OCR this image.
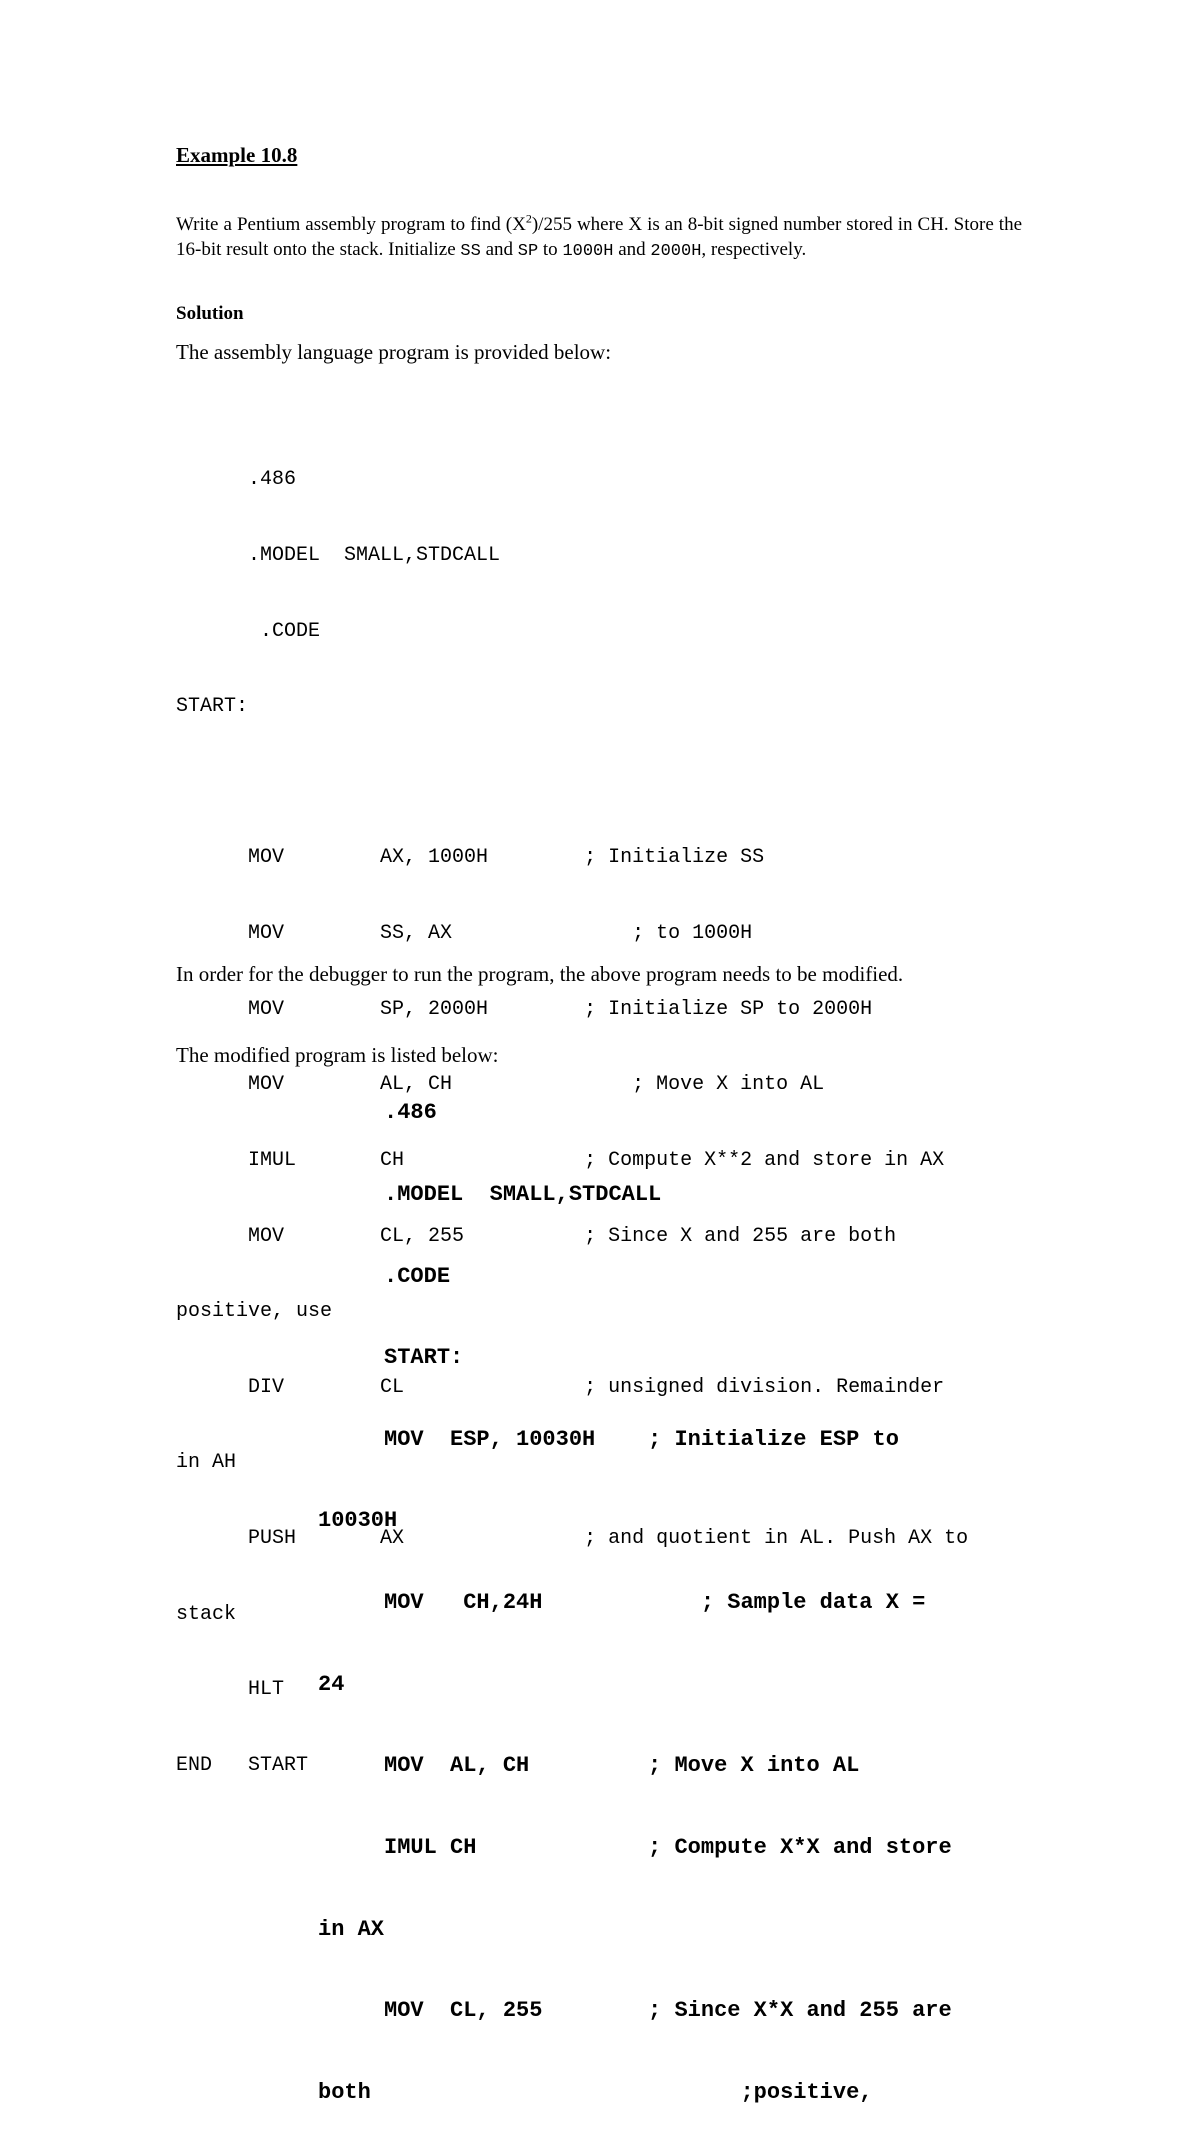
Example 10.8
Write a Pentium assembly program to find $(X^2)/255$ where X is an 8-bit signed number stored in CH. Store the 16-bit result onto the stack. Initialize SS and SP to 1000H and 2000H, respectively.
Solution
The assembly language program is provided below:

.486

.MODEL  SMALL,STDCALL

.CODE

START:

MOV        AX, 1000H        ; Initialize SS

MOV        SS, AX               ; to 1000H

MOV        SP, 2000H        ; Initialize SP to 2000H

MOV        AL, CH               ; Move X into AL

IMUL       CH               ; Compute X**2 and store in AX

MOV        CL, 255          ; Since X and 255 are both

positive, use

DIV        CL               ; unsigned division. Remainder

in AH

PUSH       AX               ; and quotient in AL. Push AX to

stack

HLT

END   START

In order for the debugger to run the program, the above program needs to be modified.

The modified program is listed below:

.486

.MODEL  SMALL,STDCALL

.CODE

START:

MOV  ESP, 10030H    ; Initialize ESP to

10030H

MOV   CH,24H            ; Sample data X =

24

MOV  AL, CH         ; Move X into AL

IMUL CH             ; Compute X*X and store

in AX

MOV  CL, 255        ; Since X*X and 255 are

both                            ;positive,
